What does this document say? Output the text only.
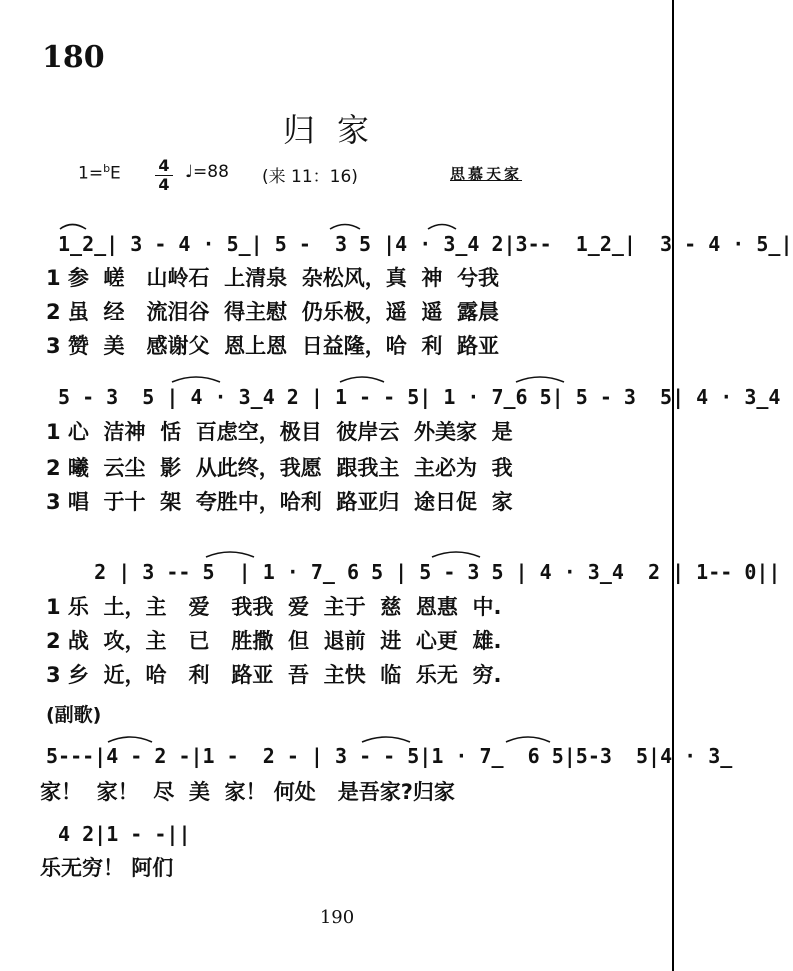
180
归家
1=$^b$E 4
4
♩=88 (来 11：16)	思慕天家
1̲2̲| 3 - 4 · 5̲| 5 -  3 5 |4 · 3̲4 2|3--  1̲2̲|  3 - 4 · 5̲|
1 参  嵯   山岭石  上清泉  杂松风，真  神  兮我
2 虽  经   流泪谷  得主慰  仍乐极，遥  遥  露晨
3 赞  美   感谢父  恩上恩  日益隆，哈  利  路亚
5 - 3  5 | 4 · 3̲4 2 | 1 - - 5| 1 · 7̲6 5| 5 - 3  5| 4 · 3̲4
1 心  洁神  恬  百虑空，极目  彼岸云  外美家  是
2 曦  云尘  影  从此终，我愿  跟我主  主必为  我
3 唱  于十  架  夸胜中，哈利  路亚归  途日促  家
2 | 3 -- 5  | 1 · 7̲ 6 5 | 5 - 3 5 | 4 · 3̲4  2 | 1-- 0||
1 乐  土，主   爱   我我  爱  主于  慈  恩惠  中.
2 战  攻，主   已   胜撒  但  退前  进  心更  雄.
3 乡  近，哈   利   路亚  吾  主快  临  乐无  穷.
(副歌)
5---|4 - 2 -|1 -  2 - | 3 - - 5|1 · 7̲  6 5|5-3  5|4 · 3̲
家！  家！  尽  美  家！ 何处   是吾家?归家
4 2|1 - -||
乐无穷！ 阿们
190
